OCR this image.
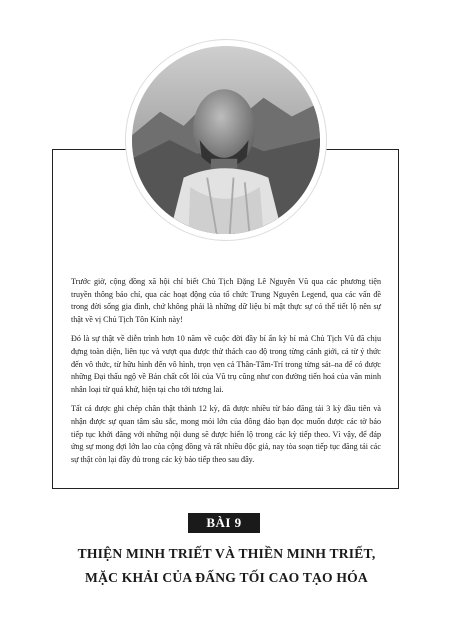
Trước giờ, cộng đồng xã hội chỉ biết Chủ Tịch Đặng Lê Nguyên Vũ qua các phương tiện truyền thông báo chí, qua các hoạt động của tổ chức Trung Nguyên Legend, qua các vấn đề trong đời sống gia đình, chứ không phải là những dữ liệu bí mật thực sự có thể tiết lộ nên sự thật về vị Chủ Tịch Tôn Kính này!

Đó là sự thật về diễn trình hơn 10 năm về cuộc đời đầy bí ẩn kỳ bí mà Chủ Tịch Vũ đã chịu đựng toàn diện, liên tục và vượt qua được thử thách cao độ trong từng cảnh giới, cả từ ý thức đến vô thức, từ hữu hình đến vô hình, trọn vẹn cả Thân-Tâm-Trí trong từng sát–na để có được những Đại thấu ngộ về Bản chất cốt lõi của Vũ trụ cũng như con đường tiến hoá của văn minh nhân loại từ quá khứ, hiện tại cho tới tương lai.

Tất cả được ghi chép chân thật thành 12 kỳ, đã được nhiều từ báo đăng tải 3 kỳ đầu tiên và nhận được sự quan tâm sâu sắc, mong mỏi lớn của đông đảo bạn đọc muốn được các tờ báo tiếp tục khởi đăng với những nội dung sẽ được hiển lộ trong các kỳ tiếp theo. Vì vậy, để đáp ứng sự mong đợi lớn lao của cộng đồng và rất nhiều độc giả, nay tòa soạn tiếp tục đăng tải các sự thật còn lại đầy đủ trong các kỳ bảo tiếp theo sau đây.

BÀI 9
THIỆN MINH TRIẾT VÀ THIỀN MINH TRIẾT,
MẶC KHẢI CỦA ĐẤNG TỐI CAO TẠO HÓA
